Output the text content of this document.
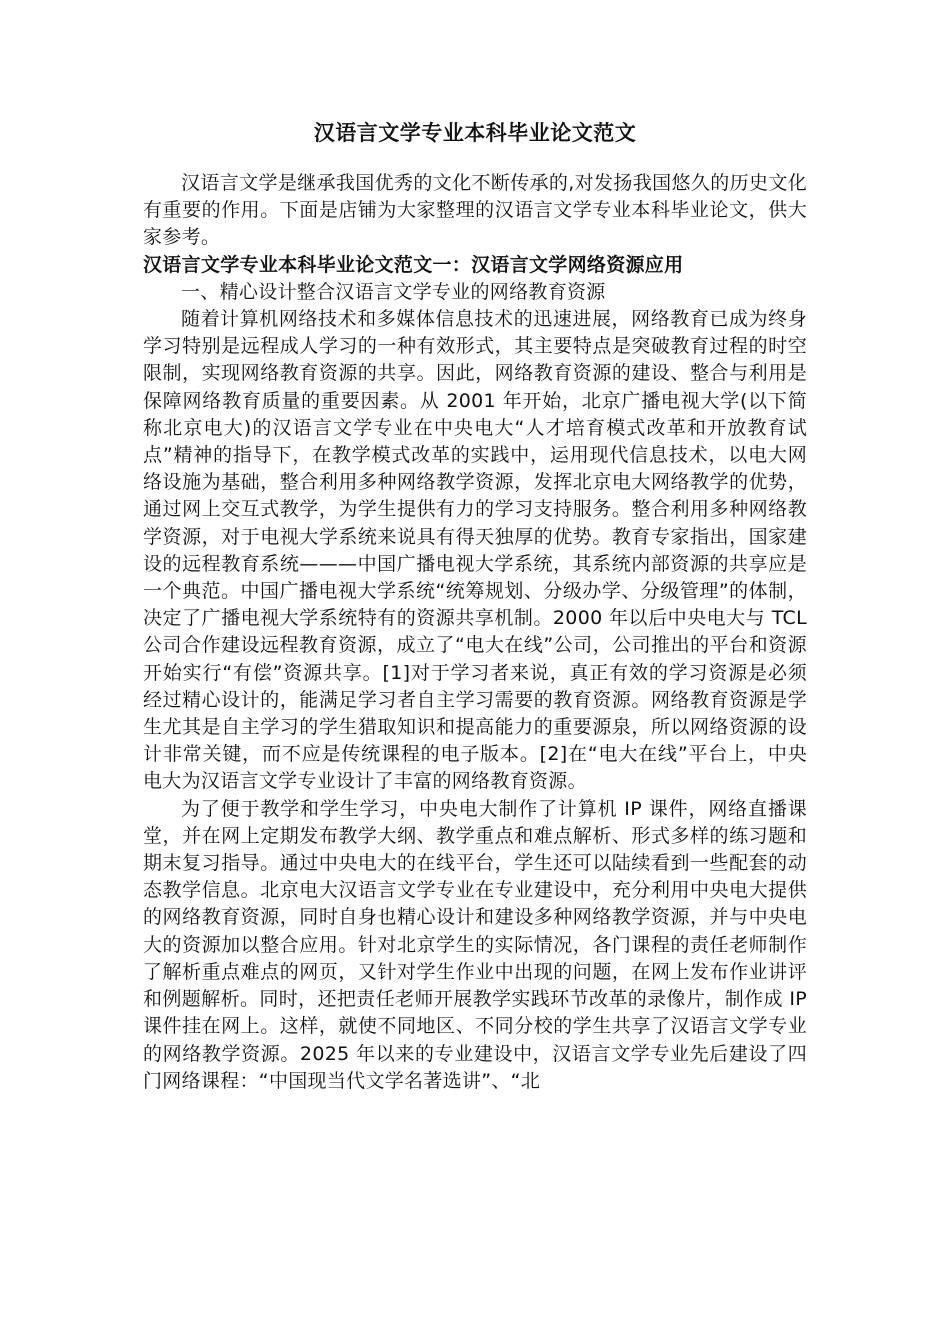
汉语言文学专业本科毕业论文范文

汉语言文学是继承我国优秀的文化不断传承的,对发扬我国悠久的历史文化有重要的作用。下面是店铺为大家整理的汉语言文学专业本科毕业论文，供大家参考。

汉语言文学专业本科毕业论文范文一：汉语言文学网络资源应用

一、精心设计整合汉语言文学专业的网络教育资源

随着计算机网络技术和多媒体信息技术的迅速进展，网络教育已成为终身学习特别是远程成人学习的一种有效形式，其主要特点是突破教育过程的时空限制，实现网络教育资源的共享。因此，网络教育资源的建设、整合与利用是保障网络教育质量的重要因素。从 2001 年开始，北京广播电视大学(以下简称北京电大)的汉语言文学专业在中央电大“人才培育模式改革和开放教育试点”精神的指导下，在教学模式改革的实践中，运用现代信息技术，以电大网络设施为基础，整合利用多种网络教学资源，发挥北京电大网络教学的优势，通过网上交互式教学，为学生提供有力的学习支持服务。整合利用多种网络教学资源，对于电视大学系统来说具有得天独厚的优势。教育专家指出，国家建设的远程教育系统———中国广播电视大学系统，其系统内部资源的共享应是一个典范。中国广播电视大学系统“统筹规划、分级办学、分级管理”的体制，决定了广播电视大学系统特有的资源共享机制。2000 年以后中央电大与 TCL 公司合作建设远程教育资源，成立了“电大在线”公司，公司推出的平台和资源开始实行“有偿”资源共享。[1]对于学习者来说，真正有效的学习资源是必须经过精心设计的，能满足学习者自主学习需要的教育资源。网络教育资源是学生尤其是自主学习的学生猎取知识和提高能力的重要源泉，所以网络资源的设计非常关键，而不应是传统课程的电子版本。[2]在“电大在线”平台上，中央电大为汉语言文学专业设计了丰富的网络教育资源。

为了便于教学和学生学习，中央电大制作了计算机 IP 课件，网络直播课堂，并在网上定期发布教学大纲、教学重点和难点解析、形式多样的练习题和期末复习指导。通过中央电大的在线平台，学生还可以陆续看到一些配套的动态教学信息。北京电大汉语言文学专业在专业建设中，充分利用中央电大提供的网络教育资源，同时自身也精心设计和建设多种网络教学资源，并与中央电大的资源加以整合应用。针对北京学生的实际情况，各门课程的责任老师制作了解析重点难点的网页，又针对学生作业中出现的问题，在网上发布作业讲评和例题解析。同时，还把责任老师开展教学实践环节改革的录像片，制作成 IP 课件挂在网上。这样，就使不同地区、不同分校的学生共享了汉语言文学专业的网络教学资源。2025 年以来的专业建设中，汉语言文学专业先后建设了四门网络课程：“中国现当代文学名著选讲”、“北
